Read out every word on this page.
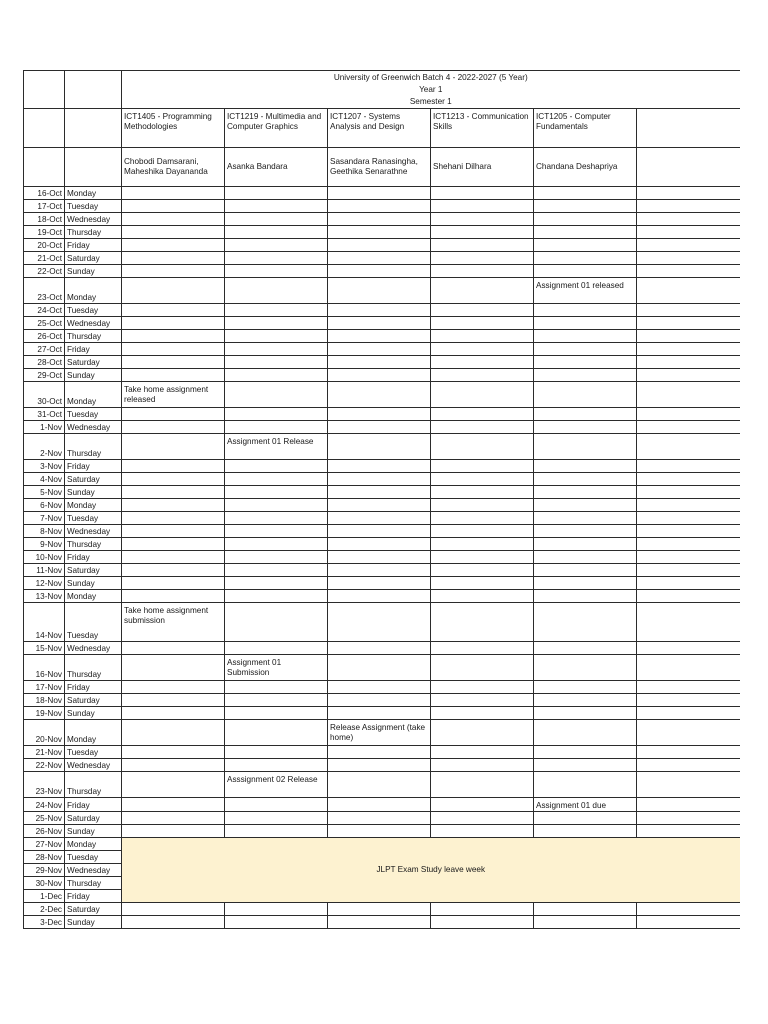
		University of Greenwich Batch 4 - 2022-2027 (5 Year)
Year 1
Semester 1					

		ICT1405 - Programming Methodologies	ICT1219 - Multimedia and Computer Graphics	ICT1207 - Systems Analysis and Design	ICT1213 - Communication Skills	ICT1205 - Computer Fundamentals	
		Chobodi Damsarani, Maheshika Dayananda	Asanka Bandara	Sasandara Ranasingha, Geethika Senarathne	Shehani Dilhara	Chandana Deshapriya	
16-Oct	Monday						
17-Oct	Tuesday						
18-Oct	Wednesday						
19-Oct	Thursday						
20-Oct	Friday						
21-Oct	Saturday						
22-Oct	Sunday						
23-Oct	Monday					Assignment 01 released	
24-Oct	Tuesday						
25-Oct	Wednesday						
26-Oct	Thursday						
27-Oct	Friday						
28-Oct	Saturday						
29-Oct	Sunday						
30-Oct	Monday	Take home assignment released					
31-Oct	Tuesday						
1-Nov	Wednesday						
2-Nov	Thursday		Assignment 01 Release				
3-Nov	Friday						
4-Nov	Saturday						
5-Nov	Sunday						
6-Nov	Monday						
7-Nov	Tuesday						
8-Nov	Wednesday						
9-Nov	Thursday						
10-Nov	Friday						
11-Nov	Saturday						
12-Nov	Sunday						
13-Nov	Monday						
14-Nov	Tuesday	Take home assignment submission					
15-Nov	Wednesday						
16-Nov	Thursday		Assignment 01 Submission				
17-Nov	Friday						
18-Nov	Saturday						
19-Nov	Sunday						
20-Nov	Monday			Release Assignment (take home)			
21-Nov	Tuesday						
22-Nov	Wednesday						
23-Nov	Thursday		Asssignment 02 Release				
24-Nov	Friday					Assignment 01 due	
25-Nov	Saturday						
26-Nov	Sunday						
27-Nov	Monday	JLPT Exam Study leave week					
28-Nov	Tuesday						
29-Nov	Wednesday						
30-Nov	Thursday						
1-Dec	Friday						
2-Dec	Saturday						
3-Dec	Sunday						
